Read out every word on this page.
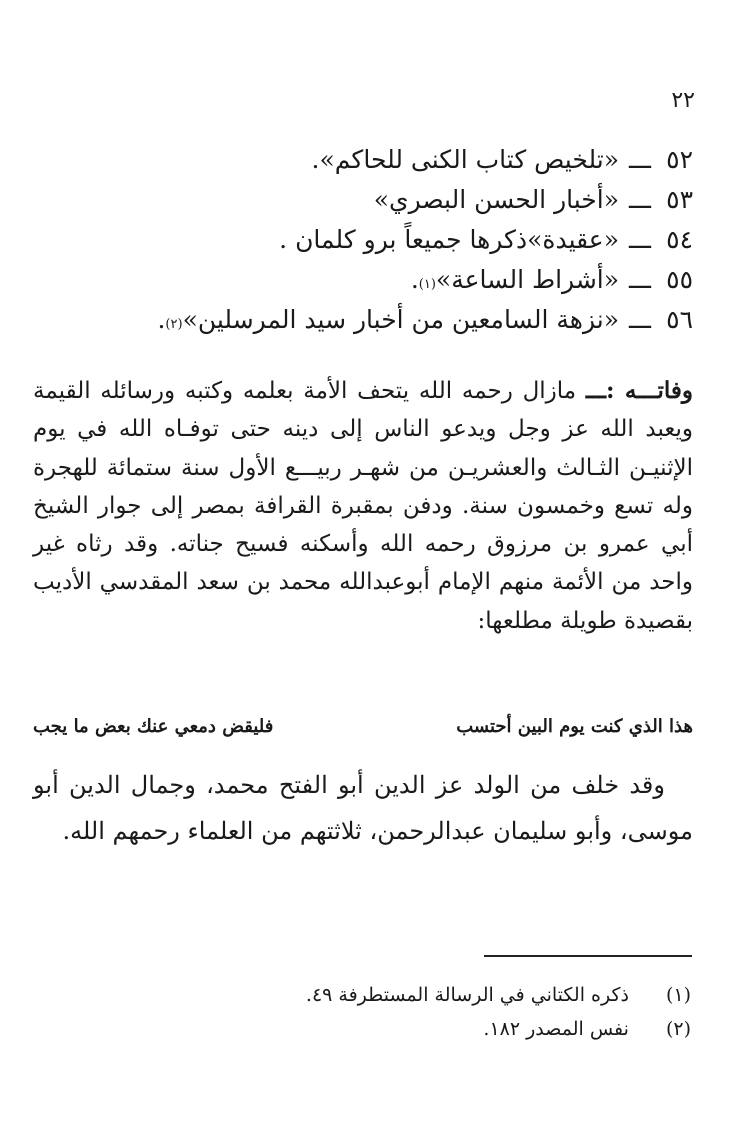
٢٢
٥٢
ـــ
«تلخيص كتاب الكنى للحاكم».
٥٣
ـــ
«أخبار الحسن البصري»
٥٤
ـــ
«عقيدة»ذكرها جميعاً برو كلمان .
٥٥
ـــ
«أشراط الساعة»
(١)
.
٥٦
ـــ
«نزهة السامعين من أخبار سيد المرسلين»
(٢)
.

وفاتـــه :ـــ مازال رحمه الله يتحف الأمة بعلمه وكتبه ورسائله القيمة ويعبد الله عز وجل ويدعو الناس إلى دينه حتى توفـاه الله في يوم الإثنيـن الثـالث والعشريـن من شهـر ربيـــع الأول سنة ستمائة للهجرة وله تسع وخمسون سنة. ودفن بمقبرة القرافة بمصر إلى جوار الشيخ أبي عمرو بن مرزوق رحمه الله وأسكنه فسيح جناته. وقد رثاه غير واحد من الأئمة منهم الإمام أبوعبدالله محمد بن سعد المقدسي الأديب بقصيدة طويلة مطلعها:

هذا الذي كنت يوم البين أحتسب
فليقض دمعي عنك بعض ما يجب

وقد خلف من الولد عز الدين أبو الفتح محمد، وجمال الدين أبو موسى، وأبو سليمان عبدالرحمن، ثلاثتهم من العلماء رحمهم الله.

(١) ذكره الكتاني في الرسالة المستطرفة ٤٩.
(٢) نفس المصدر ١٨٢.
